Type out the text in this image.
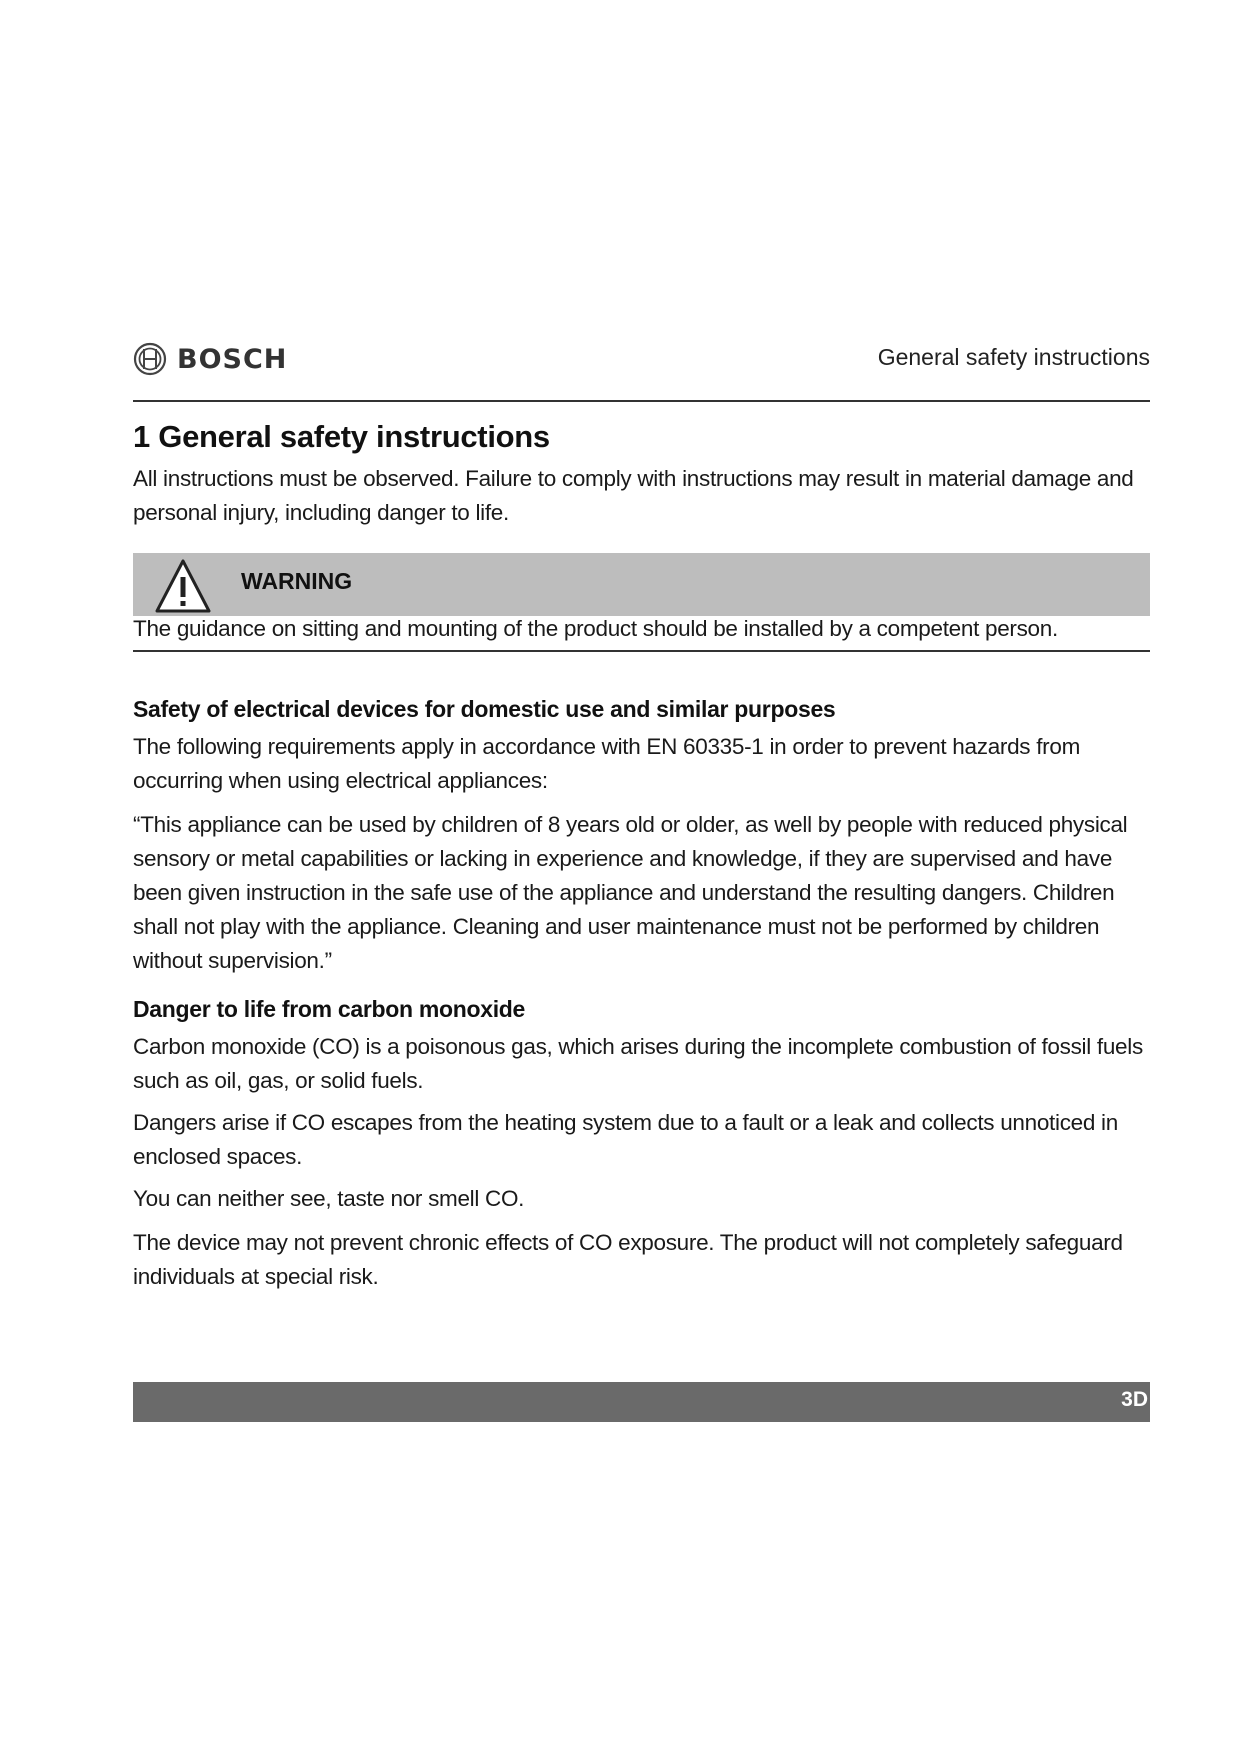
BOSCH	General safety instructions
1 General safety instructions
All instructions must be observed. Failure to comply with instructions may result in material damage and personal injury, including danger to life.
WARNING
The guidance on sitting and mounting of the product should be installed by a competent person.
Safety of electrical devices for domestic use and similar purposes
The following requirements apply in accordance with EN 60335-1 in order to prevent hazards from occurring when using electrical appliances:
“This appliance can be used by children of 8 years old or older, as well by people with reduced physical sensory or metal capabilities or lacking in experience and knowledge, if they are supervised and have been given instruction in the safe use of the appliance and understand the resulting dangers. Children shall not play with the appliance. Cleaning and user maintenance must not be performed by children without supervision.”
Danger to life from carbon monoxide
Carbon monoxide (CO) is a poisonous gas, which arises during the incomplete combustion of fossil fuels such as oil, gas, or solid fuels.
Dangers arise if CO escapes from the heating system due to a fault or a leak and collects unnoticed in enclosed spaces.
You can neither see, taste nor smell CO.
The device may not prevent chronic effects of CO exposure. The product will not completely safeguard individuals at special risk.
3D
